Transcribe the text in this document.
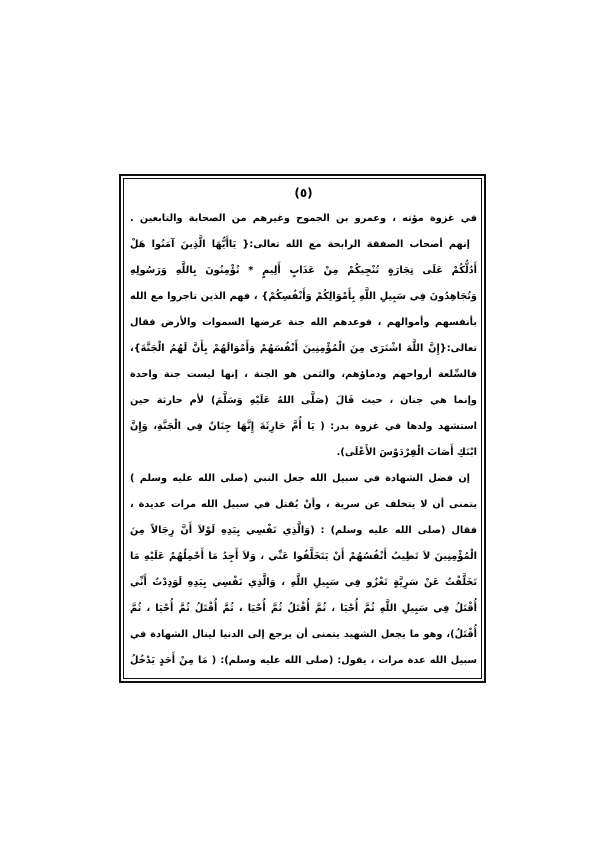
(٥)
في غزوة مؤته ، وعمرو بن الجموح وغيرهم من الصحابة والتابعين .
إنهم أصحاب الصفقة الرابحة مع الله تعالى:{ يَاأَيُّهَا الَّذِينَ آمَنُوا هَلْ
أَدُلُّكُمْ عَلَى تِجَارَةٍ تُنْجِيكُمْ مِنْ عَذَابٍ أَلِيمٍ * تُؤْمِنُونَ بِاللَّهِ وَرَسُولِهِ
وَتُجَاهِدُونَ فِي سَبِيلِ اللَّهِ بِأَمْوَالِكُمْ وَأَنْفُسِكُمْ} ، فهم الذين تاجروا مع الله
بأنفسهم وأموالهم ، فوعدهم الله جنة عرضها السموات والأرض فقال
تعالى:{إِنَّ اللَّهَ اشْتَرَى مِنَ الْمُؤْمِنِينَ أَنْفُسَهُمْ وَأَمْوَالَهُمْ بِأَنَّ لَهُمُ الْجَنَّةَ}،
فالسِّلعة أرواحهم ودماؤهم، والثمن هو الجنة ، إنها ليست جنة واحدة
وإنما هي جنان ، حيث قَالَ (صَلَّى اللهُ عَلَيْهِ وَسَلَّمَ) لأم حارثة حين
استشهد ولدها في غزوة بدر: ( يَا أُمَّ حَارِثَةَ إِنَّهَا جِنَانٌ فِي الْجَنَّةِ، وَإِنَّ
ابْنَكِ أَصَابَ الْفِرْدَوْسَ الأَعْلَى).
إن فضل الشهادة في سبيل الله جعل النبي (صلى الله عليه وسلم )
يتمنى أن لا يتخلف عن سرية ، وأنْ يُقتل في سبيل الله مرات عديدة ،
فقال (صلى الله عليه وسلم) : (وَالَّذِي نَفْسِي بِيَدِهِ لَوْلاَ أَنَّ رِجَالاً مِنَ
الْمُؤْمِنِينَ لاَ تَطِيبُ أَنْفُسُهُمْ أَنْ يَتَخَلَّفُوا عَنِّي ، وَلاَ أَجِدُ مَا أَحْمِلُهُمْ عَلَيْهِ مَا
تَخَلَّفْتُ عَنْ سَرِيَّةٍ تَغْزُو فِي سَبِيلِ اللَّهِ ، وَالَّذِي نَفْسِي بِيَدِهِ لَوَدِدْتُ أَنِّي
أُقْتَلُ فِي سَبِيلِ اللَّهِ ثُمَّ أُحْيَا ، ثُمَّ أُقْتَلُ ثُمَّ أُحْيَا ، ثُمَّ أُقْتَلُ ثُمَّ أُحْيَا ، ثُمَّ
أُقْتَلُ)، وهو ما يجعل الشهيد يتمنى أن يرجع إلى الدنيا لينال الشهادة في
سبيل الله عدة مرات ، يقول: (صلى الله عليه وسلم): ( مَا مِنْ أَحَدٍ يَدْخُلُ
